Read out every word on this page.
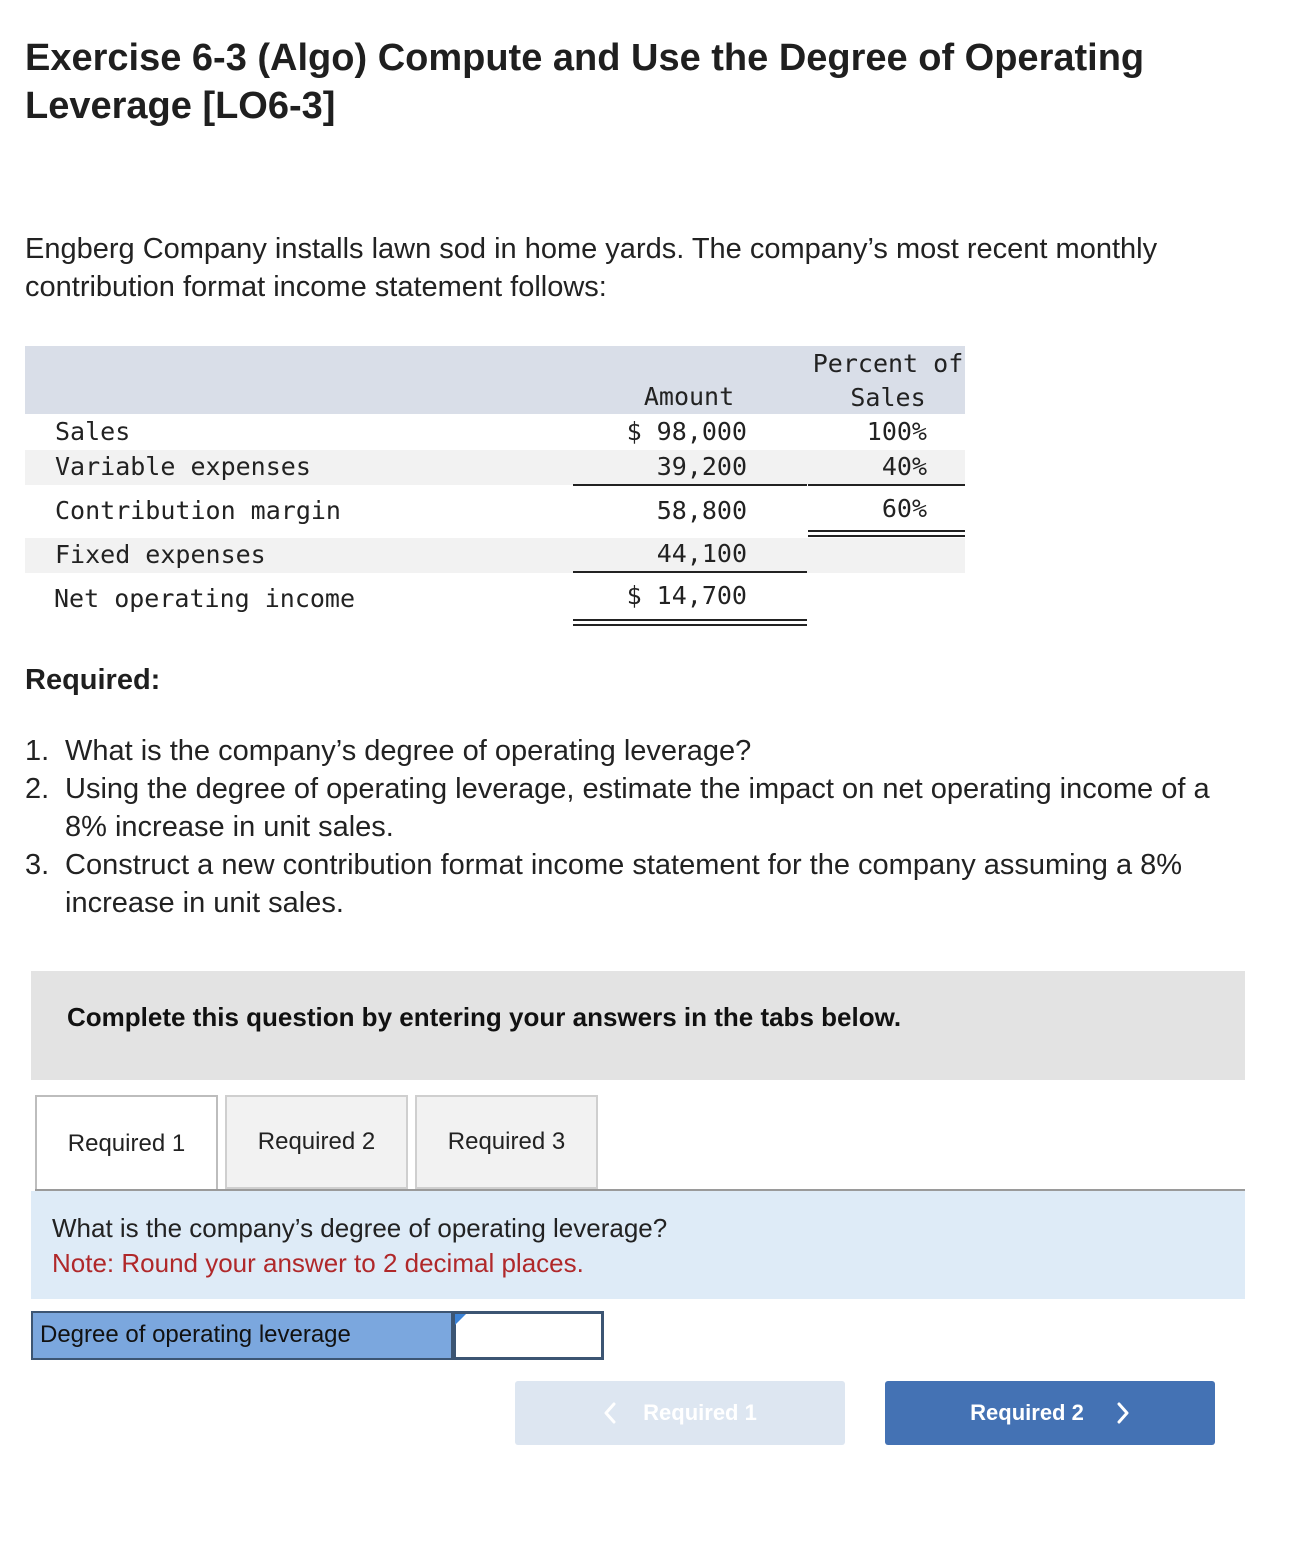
Exercise 6-3 (Algo) Compute and Use the Degree of Operating Leverage [LO6-3]

Engberg Company installs lawn sod in home yards. The company’s most recent monthly contribution format income statement follows:

Amount
Percent of
Sales
Sales	$ 98,000	100%
Variable expenses	39,200	40%
Contribution margin	58,800	60%
Fixed expenses	44,100
Net operating income	$ 14,700
Required:
1. What is the company’s degree of operating leverage?
2. Using the degree of operating leverage, estimate the impact on net operating income of a 8% increase in unit sales.
3. Construct a new contribution format income statement for the company assuming a 8% increase in unit sales.
Complete this question by entering your answers in the tabs below.
Required 1	Required 2	Required 3
What is the company’s degree of operating leverage?
Note: Round your answer to 2 decimal places.
Degree of operating leverage
Required 1	Required 2
